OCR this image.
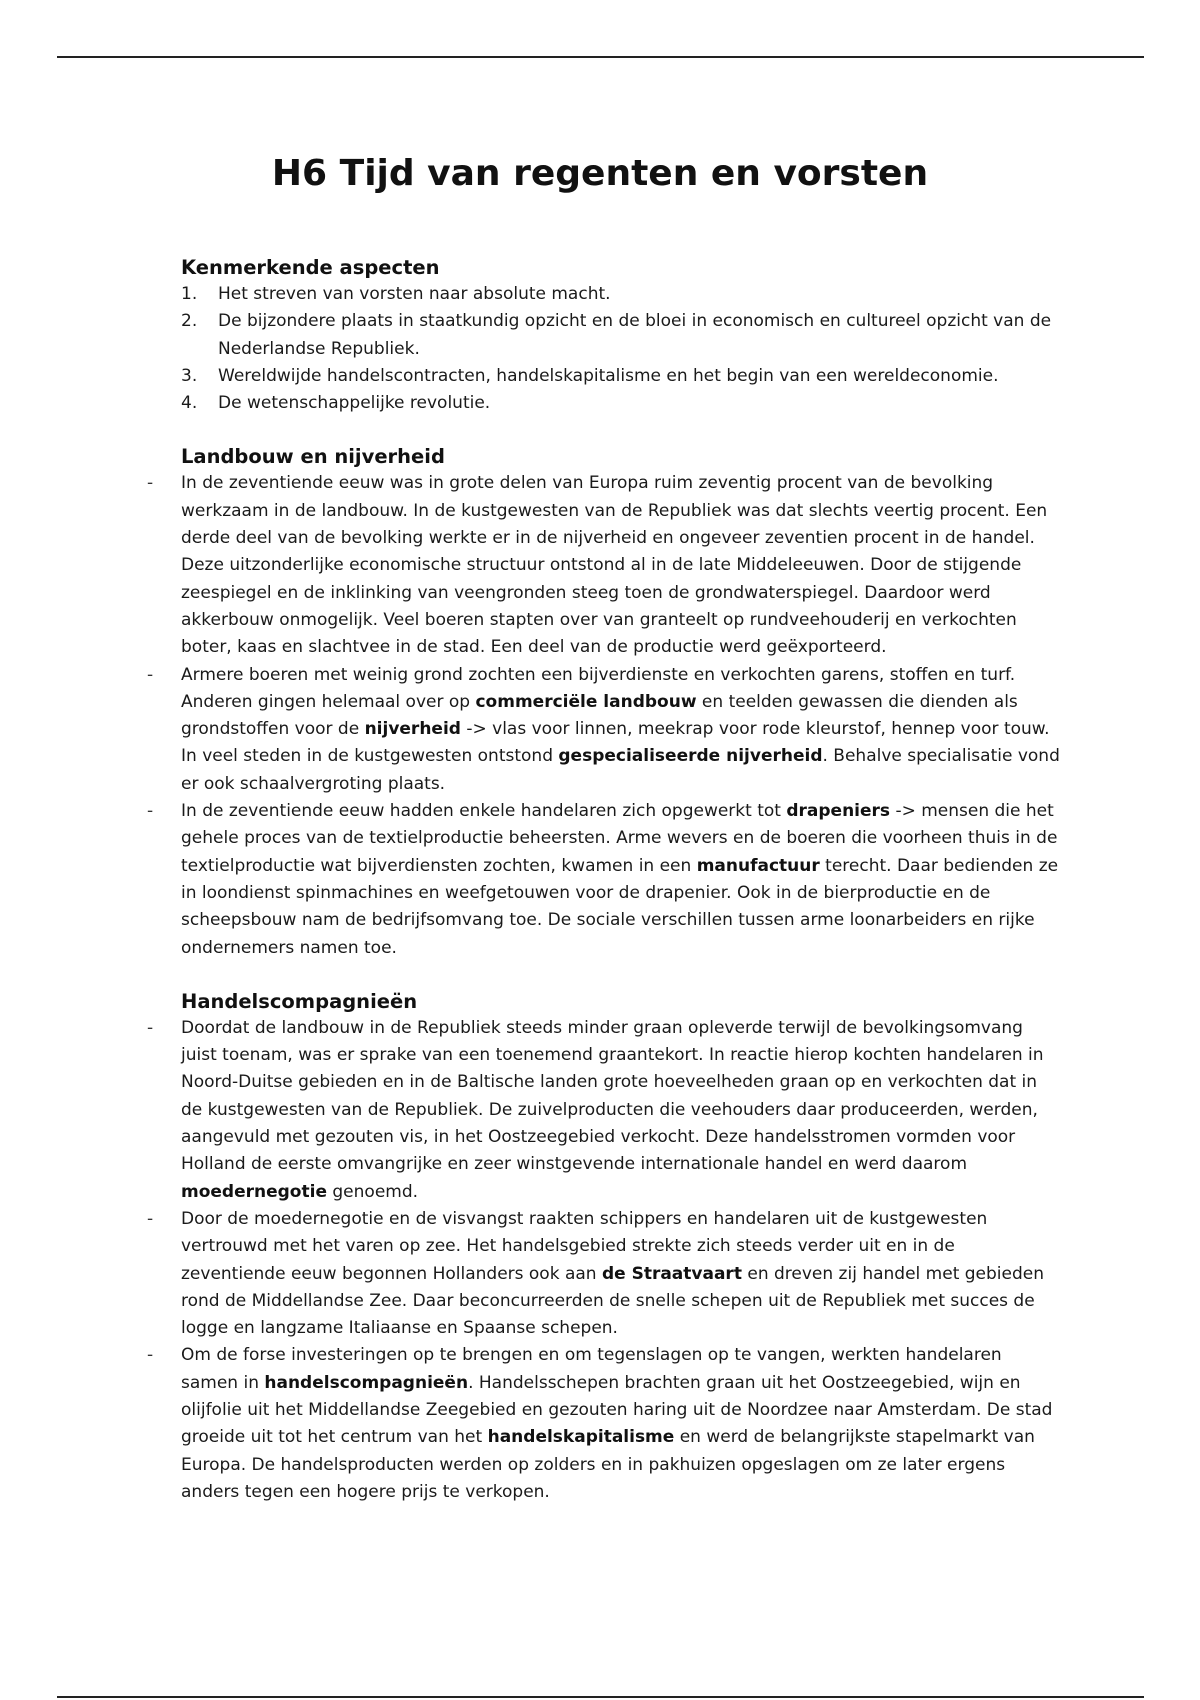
H6 Tijd van regenten en vorsten
Kenmerkende aspecten
1. Het streven van vorsten naar absolute macht.
2. De bijzondere plaats in staatkundig opzicht en de bloei in economisch en cultureel opzicht van de Nederlandse Republiek.
3. Wereldwijde handelscontracten, handelskapitalisme en het begin van een wereldeconomie.
4. De wetenschappelijke revolutie.
Landbouw en nijverheid
- In de zeventiende eeuw was in grote delen van Europa ruim zeventig procent van de bevolking werkzaam in de landbouw. In de kustgewesten van de Republiek was dat slechts veertig procent. Een derde deel van de bevolking werkte er in de nijverheid en ongeveer zeventien procent in de handel. Deze uitzonderlijke economische structuur ontstond al in de late Middeleeuwen. Door de stijgende zeespiegel en de inklinking van veengronden steeg toen de grondwaterspiegel. Daardoor werd akkerbouw onmogelijk. Veel boeren stapten over van granteelt op rundveehouderij en verkochten boter, kaas en slachtvee in de stad. Een deel van de productie werd geëxporteerd.
- Armere boeren met weinig grond zochten een bijverdienste en verkochten garens, stoffen en turf. Anderen gingen helemaal over op commerciële landbouw en teelden gewassen die dienden als grondstoffen voor de nijverheid -> vlas voor linnen, meekrap voor rode kleurstof, hennep voor touw. In veel steden in de kustgewesten ontstond gespecialiseerde nijverheid. Behalve specialisatie vond er ook schaalvergroting plaats.
- In de zeventiende eeuw hadden enkele handelaren zich opgewerkt tot drapeniers -> mensen die het gehele proces van de textielproductie beheersten. Arme wevers en de boeren die voorheen thuis in de textielproductie wat bijverdiensten zochten, kwamen in een manufactuur terecht. Daar bedienden ze in loondienst spinmachines en weefgetouwen voor de drapenier. Ook in de bierproductie en de scheepsbouw nam de bedrijfsomvang toe. De sociale verschillen tussen arme loonarbeiders en rijke ondernemers namen toe.
Handelscompagnieën
- Doordat de landbouw in de Republiek steeds minder graan opleverde terwijl de bevolkingsomvang juist toenam, was er sprake van een toenemend graantekort. In reactie hierop kochten handelaren in Noord-Duitse gebieden en in de Baltische landen grote hoeveelheden graan op en verkochten dat in de kustgewesten van de Republiek. De zuivelproducten die veehouders daar produceerden, werden, aangevuld met gezouten vis, in het Oostzeegebied verkocht. Deze handelsstromen vormden voor Holland de eerste omvangrijke en zeer winstgevende internationale handel en werd daarom moedernegotie genoemd.
- Door de moedernegotie en de visvangst raakten schippers en handelaren uit de kustgewesten vertrouwd met het varen op zee. Het handelsgebied strekte zich steeds verder uit en in de zeventiende eeuw begonnen Hollanders ook aan de Straatvaart en dreven zij handel met gebieden rond de Middellandse Zee. Daar beconcurreerden de snelle schepen uit de Republiek met succes de logge en langzame Italiaanse en Spaanse schepen.
- Om de forse investeringen op te brengen en om tegenslagen op te vangen, werkten handelaren samen in handelscompagnieën. Handelsschepen brachten graan uit het Oostzeegebied, wijn en olijfolie uit het Middellandse Zeegebied en gezouten haring uit de Noordzee naar Amsterdam. De stad groeide uit tot het centrum van het handelskapitalisme en werd de belangrijkste stapelmarkt van Europa. De handelsproducten werden op zolders en in pakhuizen opgeslagen om ze later ergens anders tegen een hogere prijs te verkopen.
